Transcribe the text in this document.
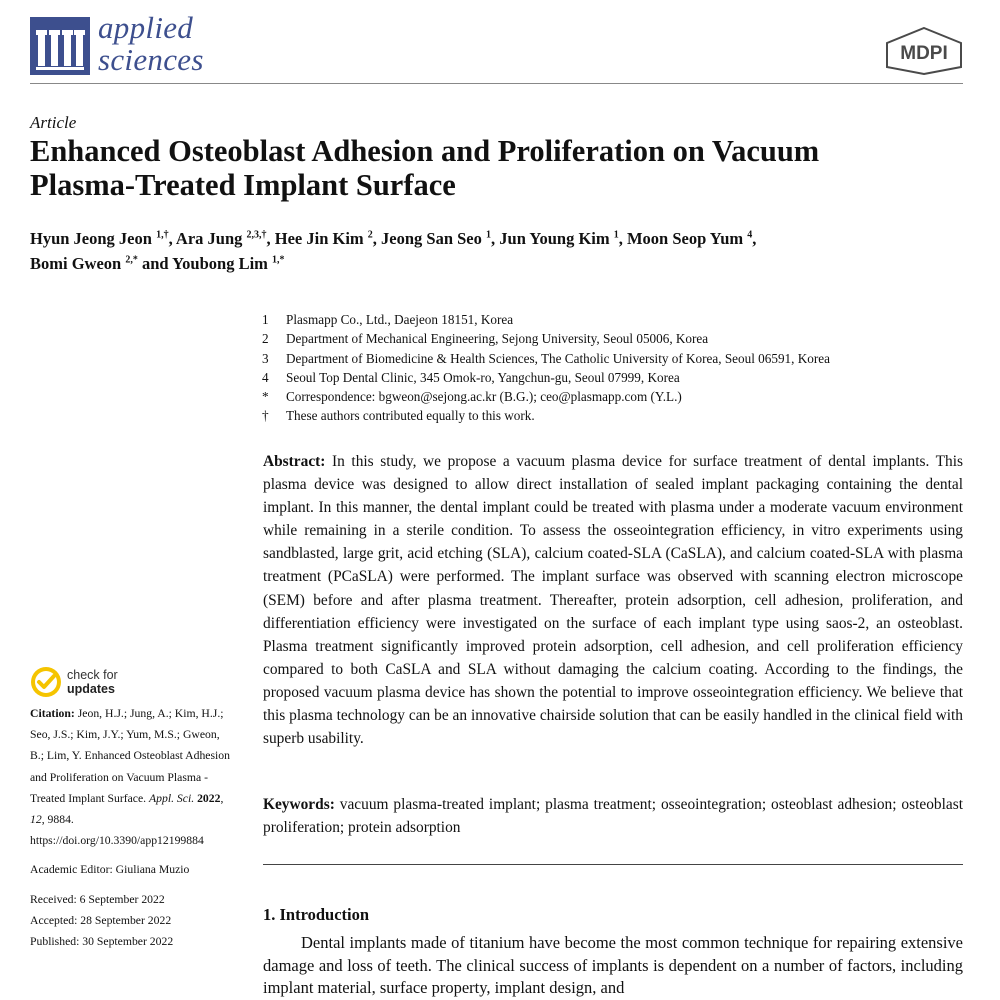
applied
sciences	MDPI
Article
Enhanced Osteoblast Adhesion and Proliferation on Vacuum
Plasma-Treated Implant Surface
Hyun Jeong Jeon $^{1,\dagger}$, Ara Jung $^{2,3,\dagger}$, Hee Jin Kim $^2$, Jeong San Seo $^1$, Jun Young Kim $^1$, Moon Seop Yum $^4$,
Bomi Gweon $^{2,*}$ and Youbong Lim $^{1,*}$
1	Plasmapp Co., Ltd., Daejeon 18151, Korea
2	Department of Mechanical Engineering, Sejong University, Seoul 05006, Korea
3	Department of Biomedicine & Health Sciences, The Catholic University of Korea, Seoul 06591, Korea
4	Seoul Top Dental Clinic, 345 Omok-ro, Yangchun-gu, Seoul 07999, Korea
*	Correspondence: bgweon@sejong.ac.kr (B.G.); ceo@plasmapp.com (Y.L.)
†	These authors contributed equally to this work.
Abstract: In this study, we propose a vacuum plasma device for surface treatment of dental implants. This plasma device was designed to allow direct installation of sealed implant packaging containing the dental implant. In this manner, the dental implant could be treated with plasma under a moderate vacuum environment while remaining in a sterile condition. To assess the osseointegration efficiency, in vitro experiments using sandblasted, large grit, acid etching (SLA), calcium coated-SLA (CaSLA), and calcium coated-SLA with plasma treatment (PCaSLA) were performed. The implant surface was observed with scanning electron microscope (SEM) before and after plasma treatment. Thereafter, protein adsorption, cell adhesion, proliferation, and differentiation efficiency were investigated on the surface of each implant type using saos-2, an osteoblast. Plasma treatment significantly improved protein adsorption, cell adhesion, and cell proliferation efficiency compared to both CaSLA and SLA without damaging the calcium coating. According to the findings, the proposed vacuum plasma device has shown the potential to improve osseointegration efficiency. We believe that this plasma technology can be an innovative chairside solution that can be easily handled in the clinical field with superb usability.
Keywords: vacuum plasma-treated implant; plasma treatment; osseointegration; osteoblast adhesion; osteoblast proliferation; protein adsorption
1. Introduction
Dental implants made of titanium have become the most common technique for repairing extensive damage and loss of teeth. The clinical success of implants is dependent on a number of factors, including implant material, surface property, implant design, and
check for
updates
Citation: Jeon, H.J.; Jung, A.; Kim, H.J.; Seo, J.S.; Kim, J.Y.; Yum, M.S.; Gweon, B.; Lim, Y. Enhanced Osteoblast Adhesion and Proliferation on Vacuum Plasma -Treated Implant Surface. Appl. Sci. 2022, 12, 9884. https://doi.org/10.3390/app12199884
Academic Editor: Giuliana Muzio
Received: 6 September 2022
Accepted: 28 September 2022
Published: 30 September 2022
